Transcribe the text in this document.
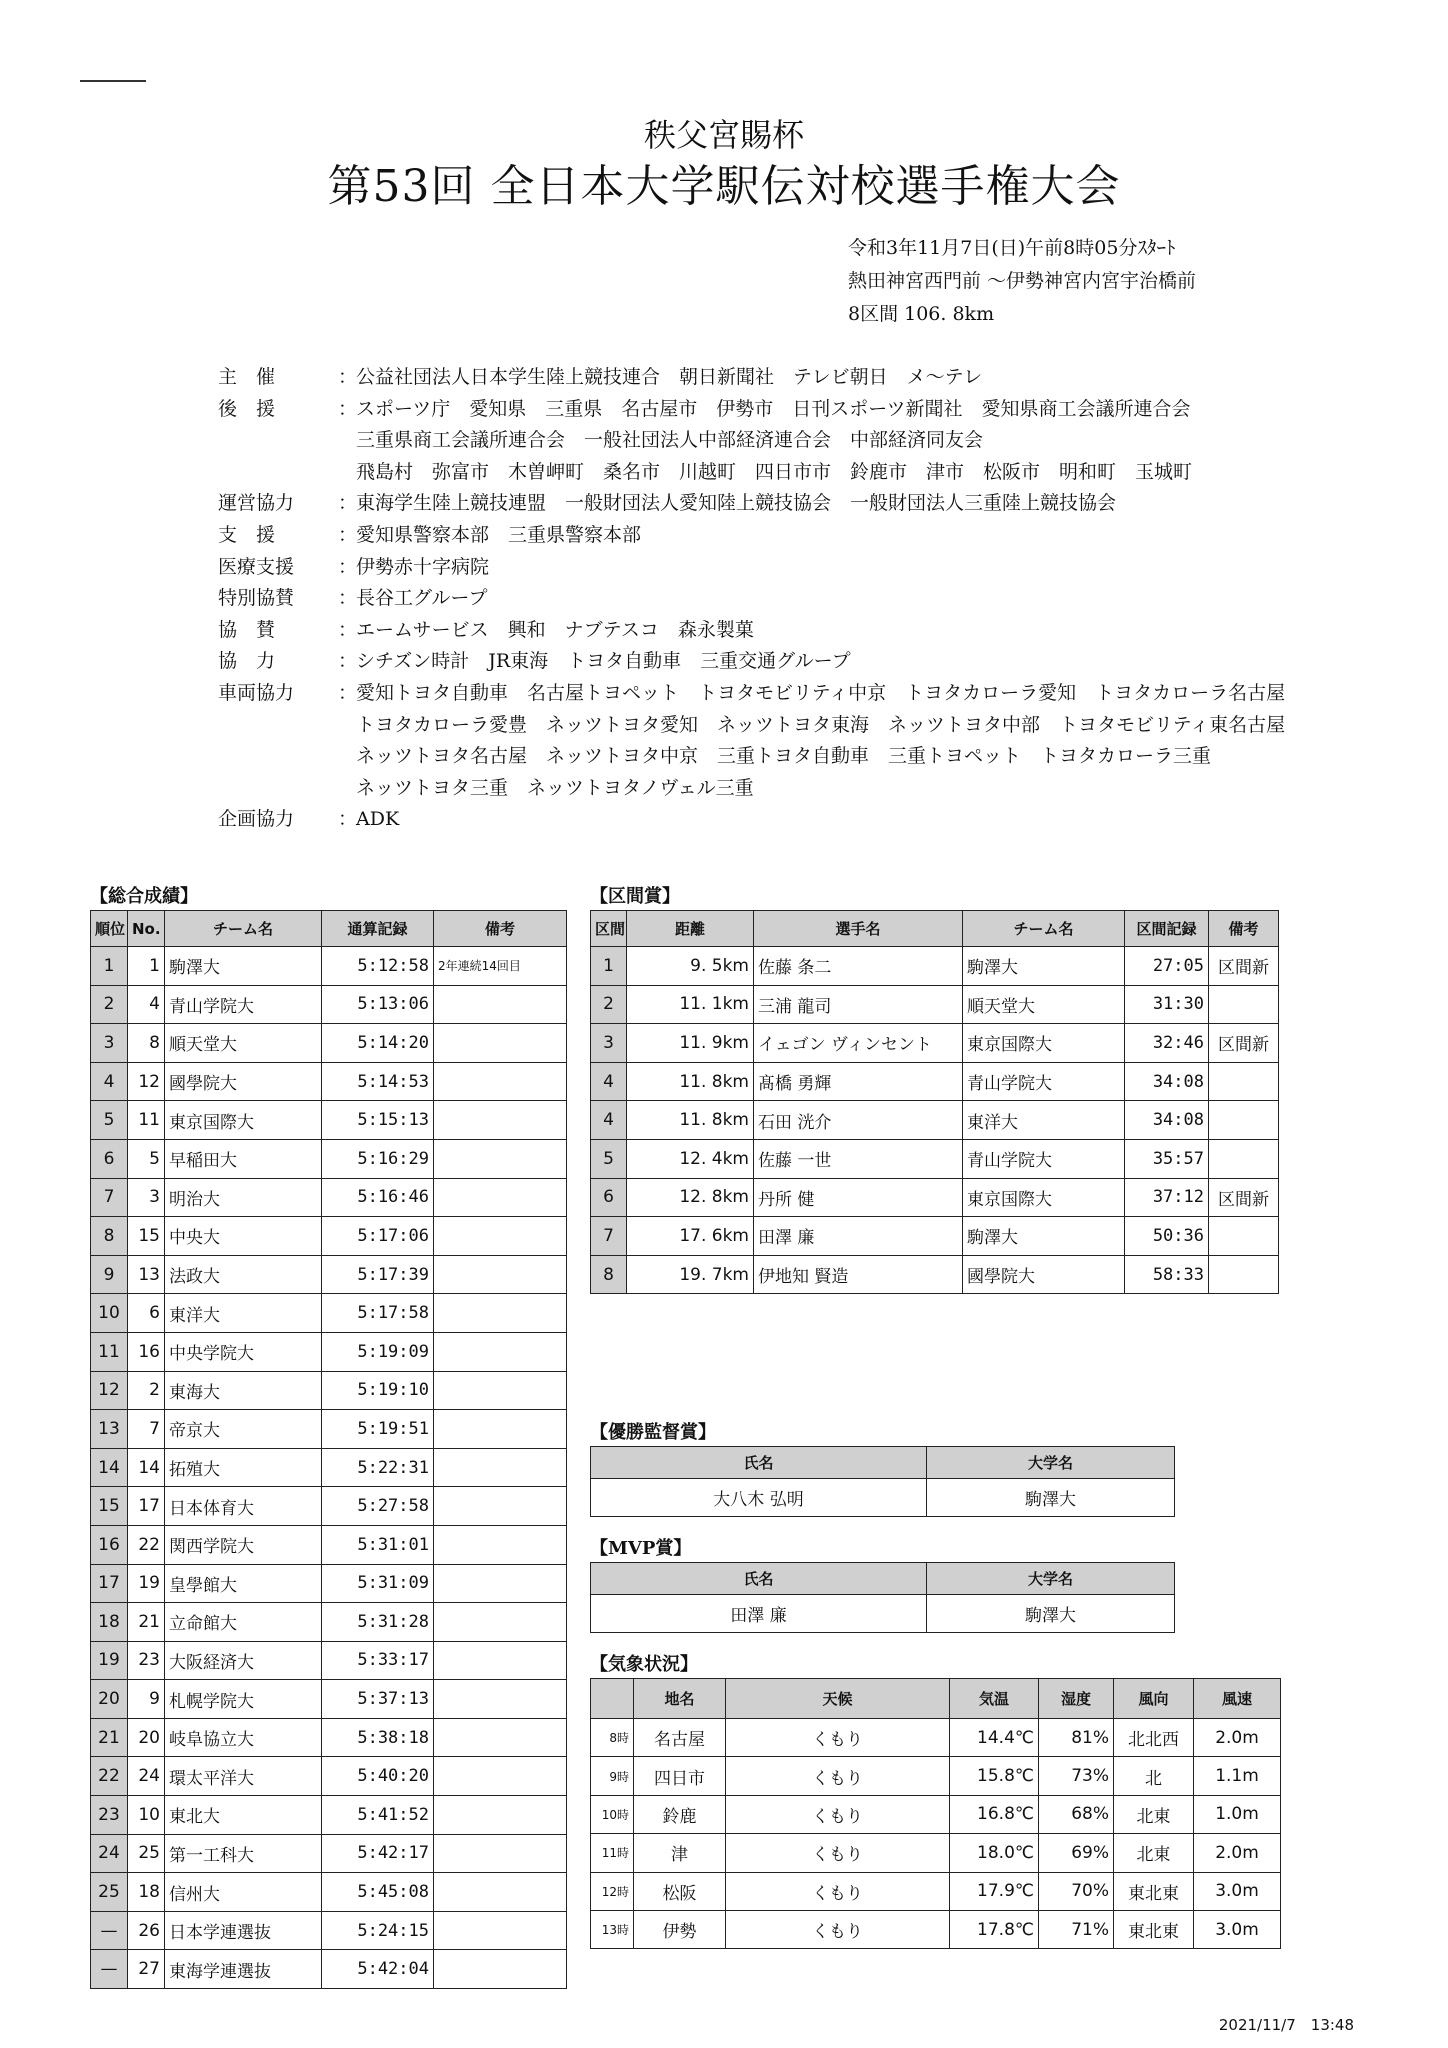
秩父宮賜杯
第53回 全日本大学駅伝対校選手権大会
令和3年11月7日(日)午前8時05分ｽﾀｰﾄ
熱田神宮西門前 ～伊勢神宮内宮宇治橋前
8区間 106. 8km
主　催	：
公益社団法人日本学生陸上競技連合　朝日新聞社　テレビ朝日　メ～テレ
後　援	：
スポーツ庁　愛知県　三重県　名古屋市　伊勢市　日刊スポーツ新聞社　愛知県商工会議所連合会
三重県商工会議所連合会　一般社団法人中部経済連合会　中部経済同友会
飛島村　弥富市　木曽岬町　桑名市　川越町　四日市市　鈴鹿市　津市　松阪市　明和町　玉城町
運営協力	：
東海学生陸上競技連盟　一般財団法人愛知陸上競技協会　一般財団法人三重陸上競技協会
支　援	：
愛知県警察本部　三重県警察本部
医療支援	：
伊勢赤十字病院
特別協賛	：
長谷工グループ
協　賛	：
エームサービス　興和　ナブテスコ　森永製菓
協　力	：
シチズン時計　JR東海　トヨタ自動車　三重交通グループ
車両協力	：
愛知トヨタ自動車　名古屋トヨペット　トヨタモビリティ中京　トヨタカローラ愛知　トヨタカローラ名古屋
トヨタカローラ愛豊　ネッツトヨタ愛知　ネッツトヨタ東海　ネッツトヨタ中部　トヨタモビリティ東名古屋
ネッツトヨタ名古屋　ネッツトヨタ中京　三重トヨタ自動車　三重トヨペット　トヨタカローラ三重
ネッツトヨタ三重　ネッツトヨタノヴェル三重
企画協力	：
ADK
【総合成績】
順位	No.	チーム名	通算記録	備考
1	1	駒澤大	5:12:58	2年連続14回目
2	4	青山学院大	5:13:06	
3	8	順天堂大	5:14:20	
4	12	國學院大	5:14:53	
5	11	東京国際大	5:15:13	
6	5	早稲田大	5:16:29	
7	3	明治大	5:16:46	
8	15	中央大	5:17:06	
9	13	法政大	5:17:39	
10	6	東洋大	5:17:58	
11	16	中央学院大	5:19:09	
12	2	東海大	5:19:10	
13	7	帝京大	5:19:51	
14	14	拓殖大	5:22:31	
15	17	日本体育大	5:27:58	
16	22	関西学院大	5:31:01	
17	19	皇學館大	5:31:09	
18	21	立命館大	5:31:28	
19	23	大阪経済大	5:33:17	
20	9	札幌学院大	5:37:13	
21	20	岐阜協立大	5:38:18	
22	24	環太平洋大	5:40:20	
23	10	東北大	5:41:52	
24	25	第一工科大	5:42:17	
25	18	信州大	5:45:08	
—	26	日本学連選抜	5:24:15	
—	27	東海学連選抜	5:42:04	
【区間賞】
区間	距離	選手名	チーム名	区間記録	備考
1	9. 5km	佐藤 条二	駒澤大	27:05	区間新
2	11. 1km	三浦 龍司	順天堂大	31:30	
3	11. 9km	イェゴン ヴィンセント	東京国際大	32:46	区間新
4	11. 8km	髙橋 勇輝	青山学院大	34:08	
4	11. 8km	石田 洸介	東洋大	34:08	
5	12. 4km	佐藤 一世	青山学院大	35:57	
6	12. 8km	丹所 健	東京国際大	37:12	区間新
7	17. 6km	田澤 廉	駒澤大	50:36	
8	19. 7km	伊地知 賢造	國學院大	58:33	
【優勝監督賞】
氏名	大学名
大八木 弘明	駒澤大
【MVP賞】
氏名	大学名
田澤 廉	駒澤大
【気象状況】
	地名	天候	気温	湿度	風向	風速
8時	名古屋	くもり	14.4℃	81%	北北西	2.0m
9時	四日市	くもり	15.8℃	73%	北	1.1m
10時	鈴鹿	くもり	16.8℃	68%	北東	1.0m
11時	津	くもり	18.0℃	69%	北東	2.0m
12時	松阪	くもり	17.9℃	70%	東北東	3.0m
13時	伊勢	くもり	17.8℃	71%	東北東	3.0m
2021/11/7　13:48
